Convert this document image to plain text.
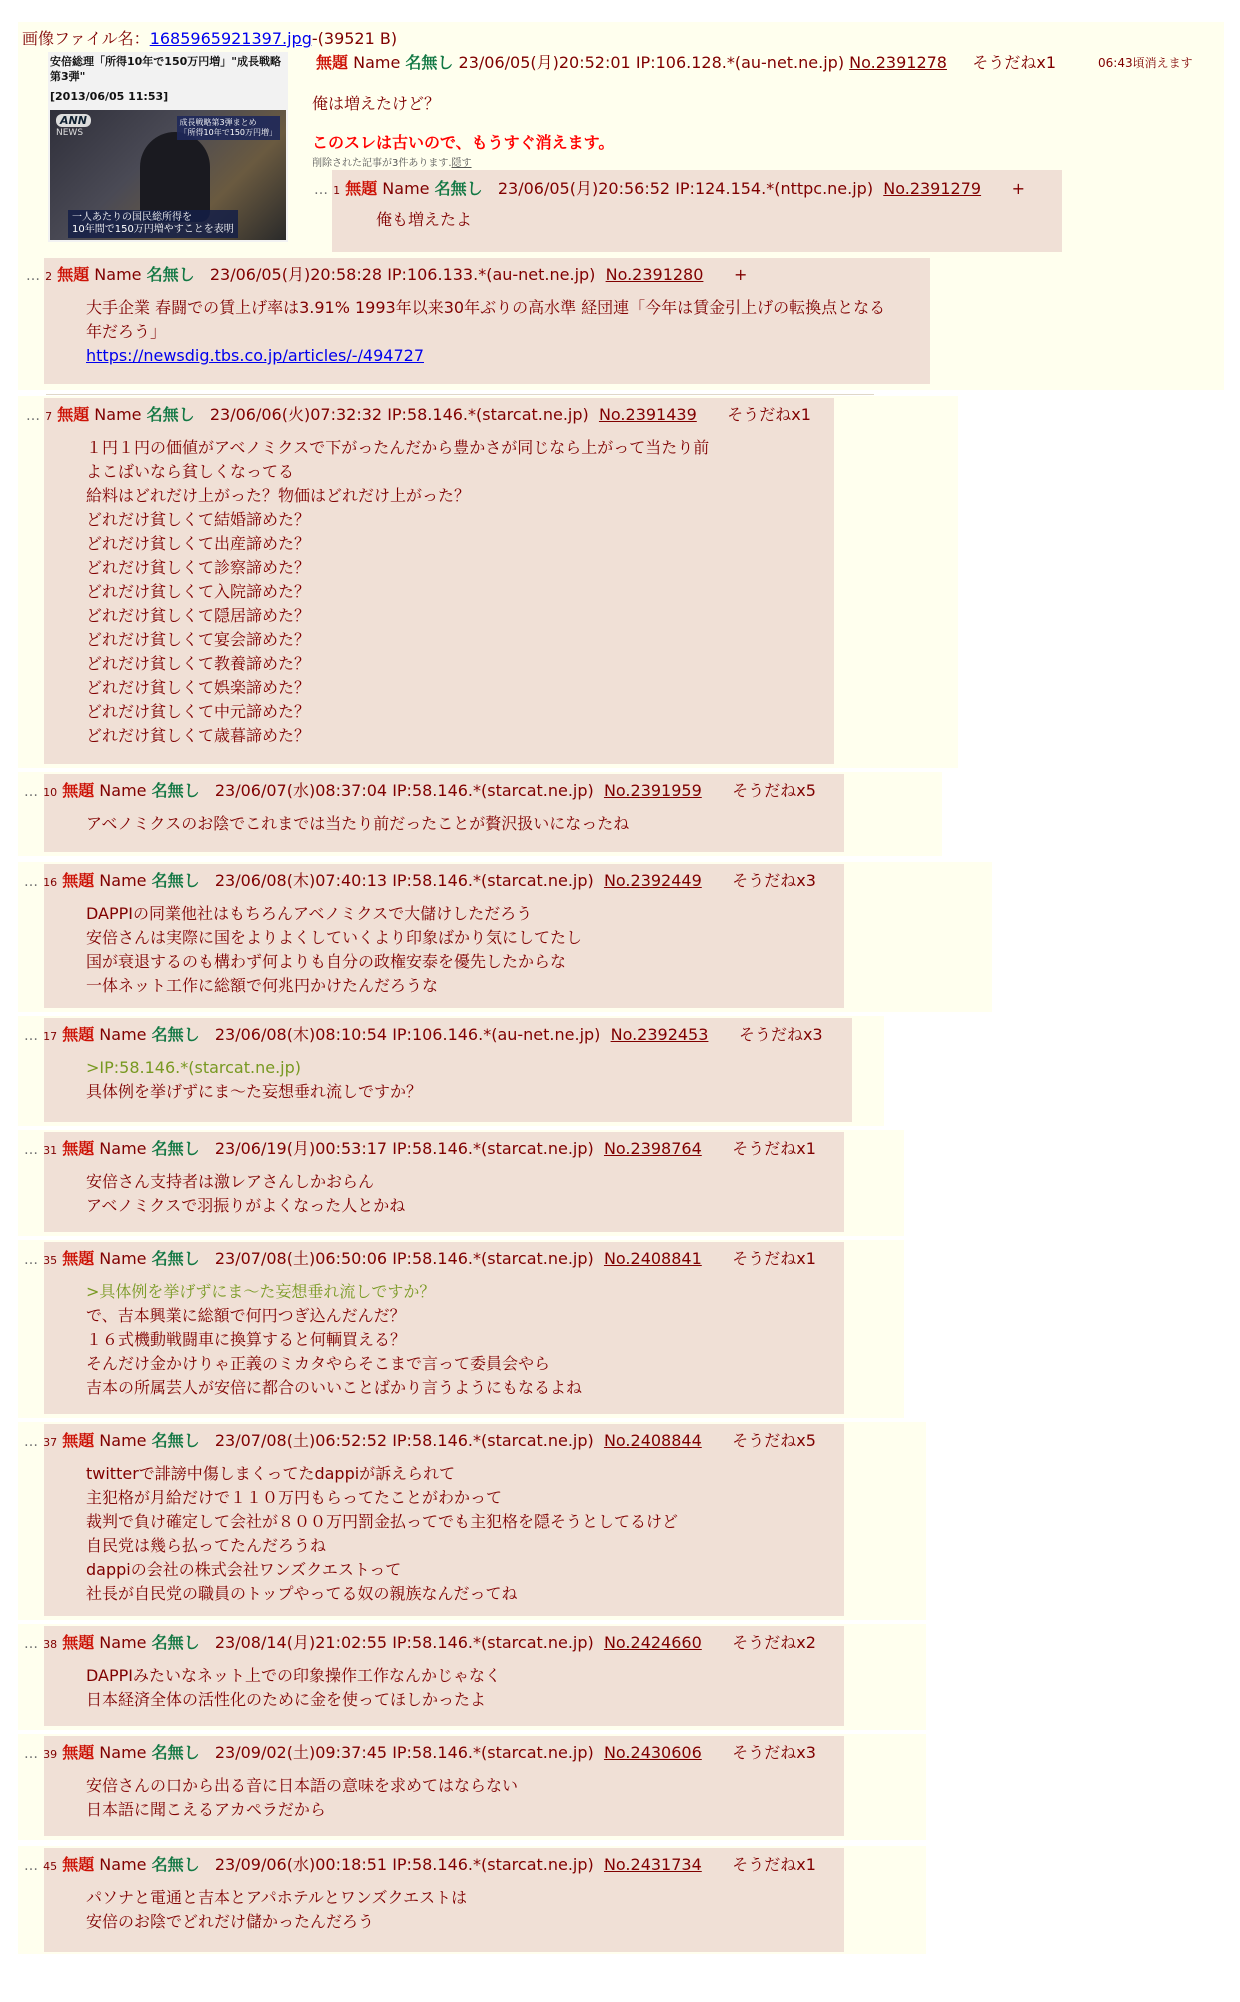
画像ファイル名：1685965921397.jpg-(39521 B)
安倍総理「所得10年で150万円増」"成長戦略第3弾"
[2013/06/05 11:53]
ANN
NEWS
成長戦略第3弾まとめ
「所得10年で150万円増」
一人あたりの国民総所得を
10年間で150万円増やすことを表明
無題 Name 名無し 23/06/05(月)20:52:01 IP:106.128.*(au-net.ne.jp) No.2391278 そうだねx1	06:43頃消えます
俺は増えたけど？
このスレは古いので、もうすぐ消えます。
削除された記事が3件あります.隠す
… 1 無題 Name 名無し 23/06/05(月)20:56:52 IP:124.154.*(nttpc.ne.jp) No.2391279 +
俺も増えたよ
… 2 無題 Name 名無し 23/06/05(月)20:58:28 IP:106.133.*(au-net.ne.jp) No.2391280 +
大手企業 春闘での賃上げ率は3.91% 1993年以来30年ぶりの高水準 経団連「今年は賃金引上げの転換点となる
年だろう」
https://newsdig.tbs.co.jp/articles/-/494727
… 7 無題 Name 名無し 23/06/06(火)07:32:32 IP:58.146.*(starcat.ne.jp) No.2391439 そうだねx1
１円１円の価値がアベノミクスで下がったんだから豊かさが同じなら上がって当たり前
よこばいなら貧しくなってる
給料はどれだけ上がった？物価はどれだけ上がった？
どれだけ貧しくて結婚諦めた？
どれだけ貧しくて出産諦めた？
どれだけ貧しくて診察諦めた？
どれだけ貧しくて入院諦めた？
どれだけ貧しくて隠居諦めた？
どれだけ貧しくて宴会諦めた？
どれだけ貧しくて教養諦めた？
どれだけ貧しくて娯楽諦めた？
どれだけ貧しくて中元諦めた？
どれだけ貧しくて歳暮諦めた？
… 10 無題 Name 名無し 23/06/07(水)08:37:04 IP:58.146.*(starcat.ne.jp) No.2391959 そうだねx5
アベノミクスのお陰でこれまでは当たり前だったことが贅沢扱いになったね
… 16 無題 Name 名無し 23/06/08(木)07:40:13 IP:58.146.*(starcat.ne.jp) No.2392449 そうだねx3
DAPPIの同業他社はもちろんアベノミクスで大儲けしただろう
安倍さんは実際に国をよりよくしていくより印象ばかり気にしてたし
国が衰退するのも構わず何よりも自分の政権安泰を優先したからな
一体ネット工作に総額で何兆円かけたんだろうな
… 17 無題 Name 名無し 23/06/08(木)08:10:54 IP:106.146.*(au-net.ne.jp) No.2392453 そうだねx3
>IP:58.146.*(starcat.ne.jp)
具体例を挙げずにま～た妄想垂れ流しですか？
… 31 無題 Name 名無し 23/06/19(月)00:53:17 IP:58.146.*(starcat.ne.jp) No.2398764 そうだねx1
安倍さん支持者は激レアさんしかおらん
アベノミクスで羽振りがよくなった人とかね
… 35 無題 Name 名無し 23/07/08(土)06:50:06 IP:58.146.*(starcat.ne.jp) No.2408841 そうだねx1
>具体例を挙げずにま～た妄想垂れ流しですか？
で、吉本興業に総額で何円つぎ込んだんだ？
１６式機動戦闘車に換算すると何輌買える？
そんだけ金かけりゃ正義のミカタやらそこまで言って委員会やら
吉本の所属芸人が安倍に都合のいいことばかり言うようにもなるよね
… 37 無題 Name 名無し 23/07/08(土)06:52:52 IP:58.146.*(starcat.ne.jp) No.2408844 そうだねx5
twitterで誹謗中傷しまくってたdappiが訴えられて
主犯格が月給だけで１１０万円もらってたことがわかって
裁判で負け確定して会社が８００万円罰金払ってでも主犯格を隠そうとしてるけど
自民党は幾ら払ってたんだろうね
dappiの会社の株式会社ワンズクエストって
社長が自民党の職員のトップやってる奴の親族なんだってね
… 38 無題 Name 名無し 23/08/14(月)21:02:55 IP:58.146.*(starcat.ne.jp) No.2424660 そうだねx2
DAPPIみたいなネット上での印象操作工作なんかじゃなく
日本経済全体の活性化のために金を使ってほしかったよ
… 39 無題 Name 名無し 23/09/02(土)09:37:45 IP:58.146.*(starcat.ne.jp) No.2430606 そうだねx3
安倍さんの口から出る音に日本語の意味を求めてはならない
日本語に聞こえるアカペラだから
… 45 無題 Name 名無し 23/09/06(水)00:18:51 IP:58.146.*(starcat.ne.jp) No.2431734 そうだねx1
パソナと電通と吉本とアパホテルとワンズクエストは
安倍のお陰でどれだけ儲かったんだろう
